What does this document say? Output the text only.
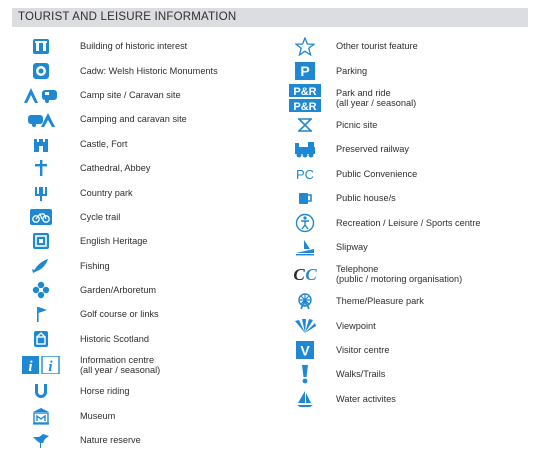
TOURIST AND LEISURE INFORMATION
Building of historic interest
Cadw: Welsh Historic Monuments
Camp site / Caravan site
Camping and caravan site
Castle, Fort
Cathedral, Abbey
Country park
Cycle trail
English Heritage
Fishing
Garden/Arboretum
Golf course or links
Historic Scotland
i i	Information centre
(all year / seasonal)
Horse riding
Museum
Nature reserve
Other tourist feature
P	Parking
P&R
P&R
Park and ride
(all year / seasonal)
Picnic site
Preserved railway
PC Public Convenience
Public house/s
Recreation / Leisure / Sports centre
Slipway
C C Telephone
(public / motoring organisation)
Theme/Pleasure park
Viewpoint
V	Visitor centre
Walks/Trails
Water activites
